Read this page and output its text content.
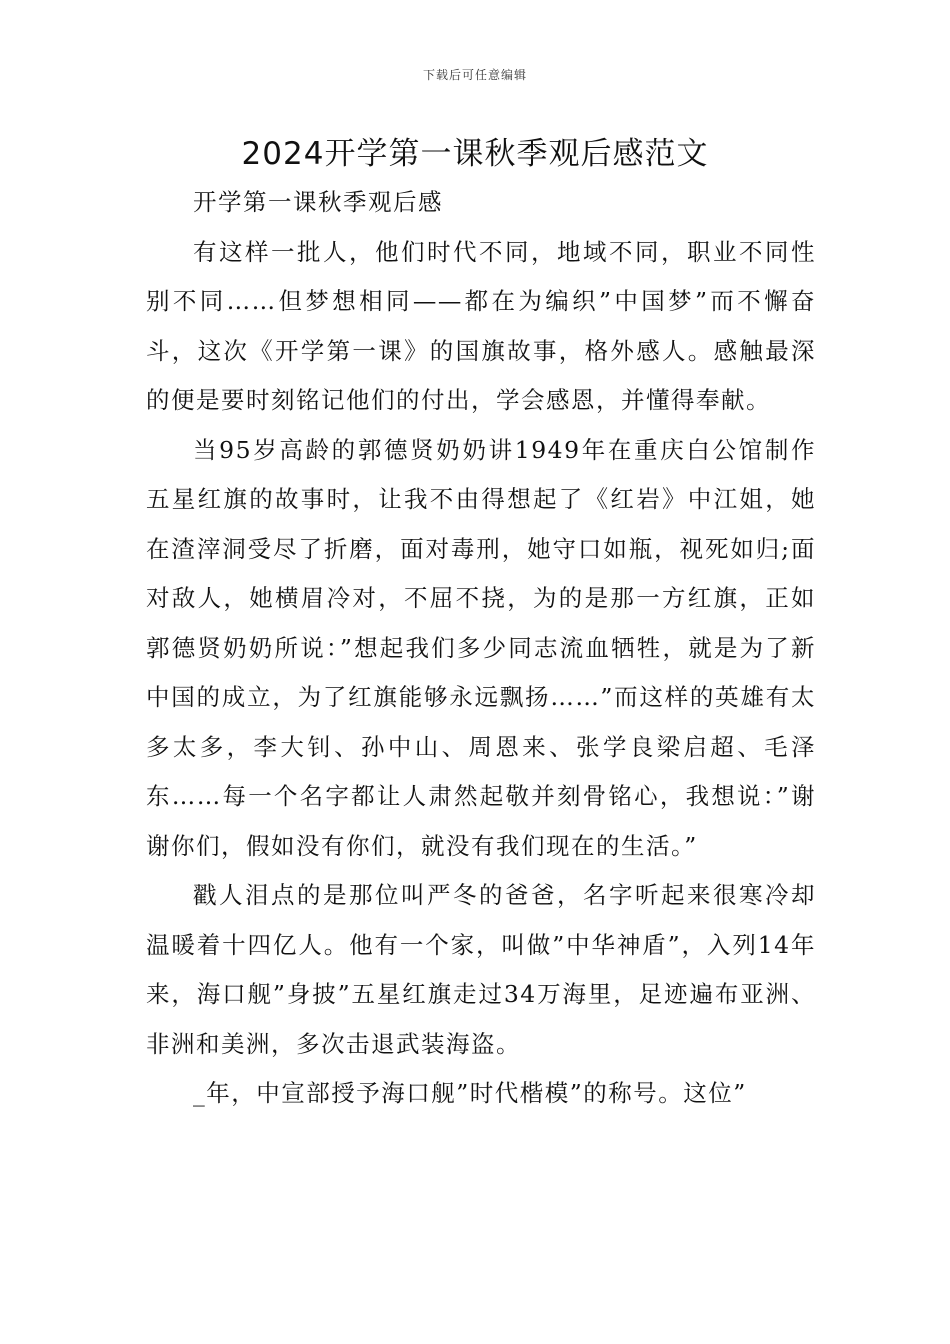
下载后可任意编辑
2024开学第一课秋季观后感范文

开学第一课秋季观后感

有这样一批人，他们时代不同，地域不同，职业不同性别不同……但梦想相同——都在为编织”中国梦”而不懈奋斗，这次《开学第一课》的国旗故事，格外感人。感触最深的便是要时刻铭记他们的付出，学会感恩，并懂得奉献。

当95岁高龄的郭德贤奶奶讲1949年在重庆白公馆制作五星红旗的故事时，让我不由得想起了《红岩》中江姐，她在渣滓洞受尽了折磨，面对毒刑，她守口如瓶，视死如归;面对敌人，她横眉冷对，不屈不挠，为的是那一方红旗，正如郭德贤奶奶所说：”想起我们多少同志流血牺牲，就是为了新中国的成立，为了红旗能够永远飘扬……”而这样的英雄有太多太多，李大钊、孙中山、周恩来、张学良梁启超、毛泽东……每一个名字都让人肃然起敬并刻骨铭心，我想说：”谢谢你们，假如没有你们，就没有我们现在的生活。”

戳人泪点的是那位叫严冬的爸爸，名字听起来很寒冷却温暖着十四亿人。他有一个家，叫做”中华神盾”，入列14年来，海口舰”身披”五星红旗走过34万海里，足迹遍布亚洲、非洲和美洲，多次击退武装海盗。

_年，中宣部授予海口舰”时代楷模”的称号。这位”
